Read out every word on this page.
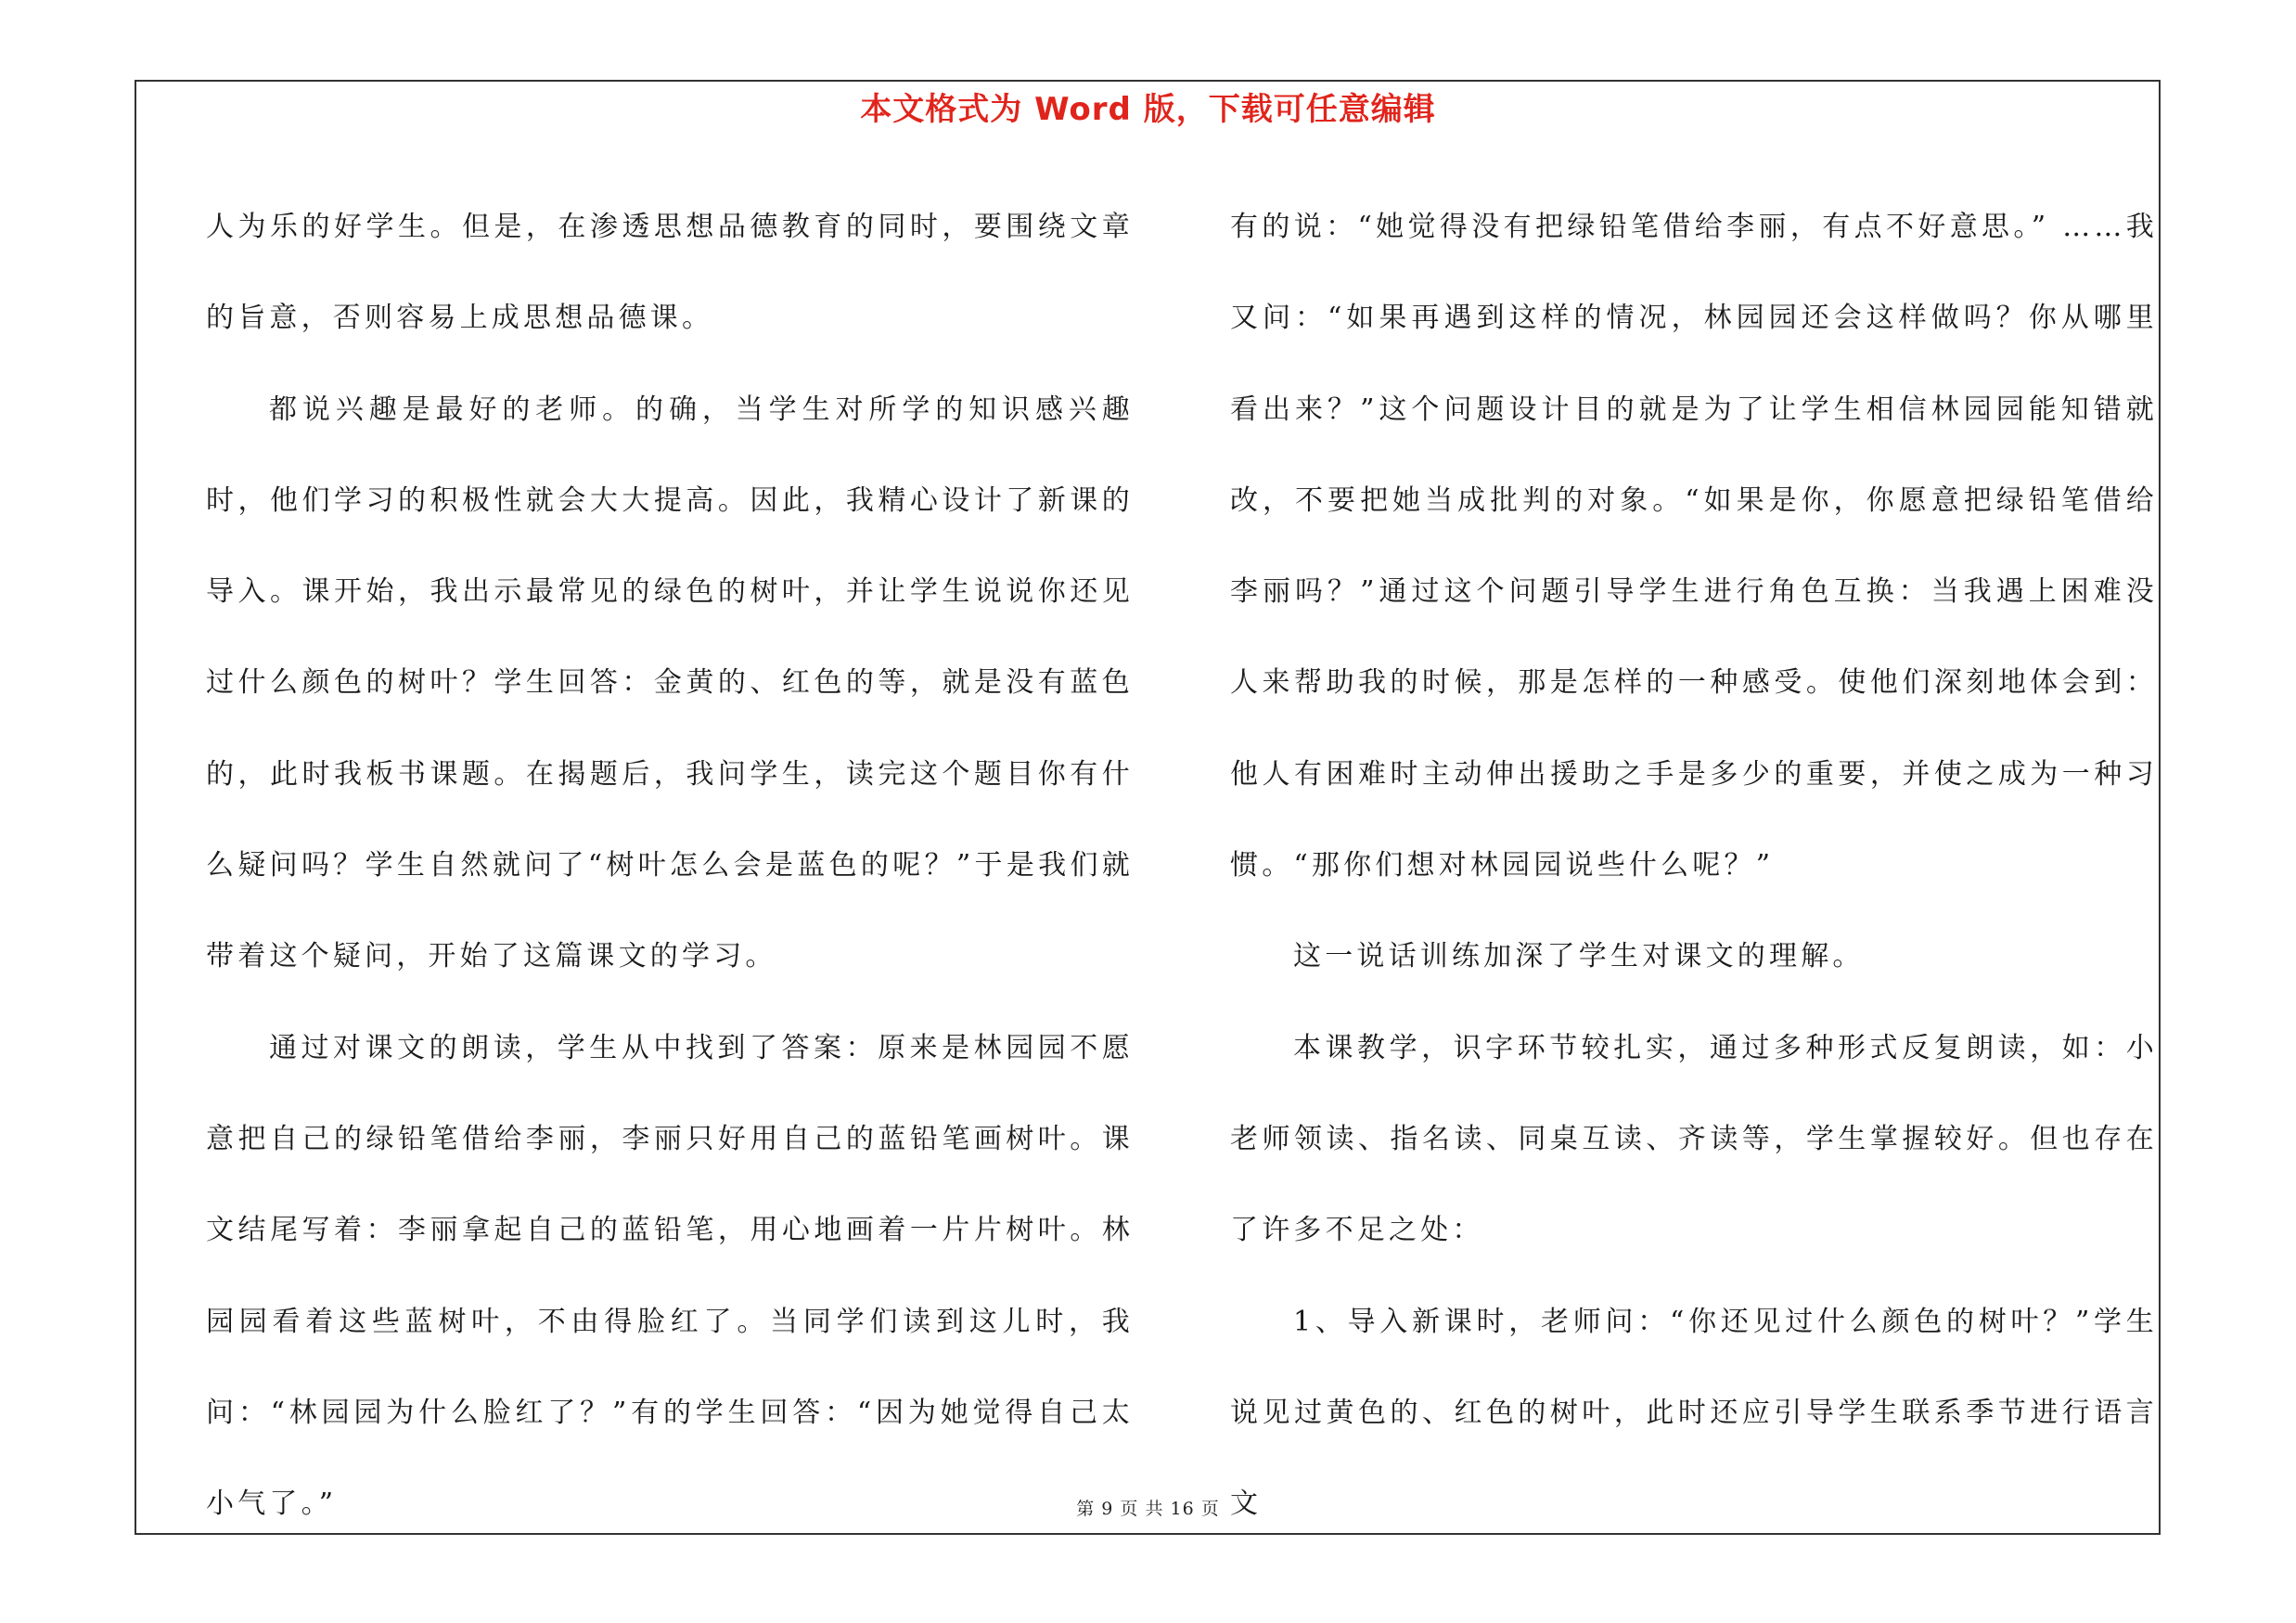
本文格式为 Word 版，下载可任意编辑

人为乐的好学生。但是，在渗透思想品德教育的同时，要围绕文章的旨意，否则容易上成思想品德课。

都说兴趣是最好的老师。的确，当学生对所学的知识感兴趣时，他们学习的积极性就会大大提高。因此，我精心设计了新课的导入。课开始，我出示最常见的绿色的树叶，并让学生说说你还见过什么颜色的树叶？学生回答：金黄的、红色的等，就是没有蓝色的，此时我板书课题。在揭题后，我问学生，读完这个题目你有什么疑问吗？学生自然就问了“树叶怎么会是蓝色的呢？”于是我们就带着这个疑问，开始了这篇课文的学习。

通过对课文的朗读，学生从中找到了答案：原来是林园园不愿意把自己的绿铅笔借给李丽，李丽只好用自己的蓝铅笔画树叶。课文结尾写着：李丽拿起自己的蓝铅笔，用心地画着一片片树叶。林园园看着这些蓝树叶，不由得脸红了。当同学们读到这儿时，我问：“林园园为什么脸红了？”有的学生回答：“因为她觉得自己太小气了。”

有的说：“她觉得没有把绿铅笔借给李丽，有点不好意思。” ……我又问：“如果再遇到这样的情况，林园园还会这样做吗？你从哪里看出来？”这个问题设计目的就是为了让学生相信林园园能知错就改，不要把她当成批判的对象。“如果是你，你愿意把绿铅笔借给李丽吗？”通过这个问题引导学生进行角色互换：当我遇上困难没人来帮助我的时候，那是怎样的一种感受。使他们深刻地体会到：他人有困难时主动伸出援助之手是多少的重要，并使之成为一种习惯。“那你们想对林园园说些什么呢？”

这一说话训练加深了学生对课文的理解。

本课教学，识字环节较扎实，通过多种形式反复朗读，如：小老师领读、指名读、同桌互读、齐读等，学生掌握较好。但也存在了许多不足之处：

1、导入新课时，老师问：“你还见过什么颜色的树叶？”学生说见过黄色的、红色的树叶，此时还应引导学生联系季节进行语言文

第 9 页 共 16 页
